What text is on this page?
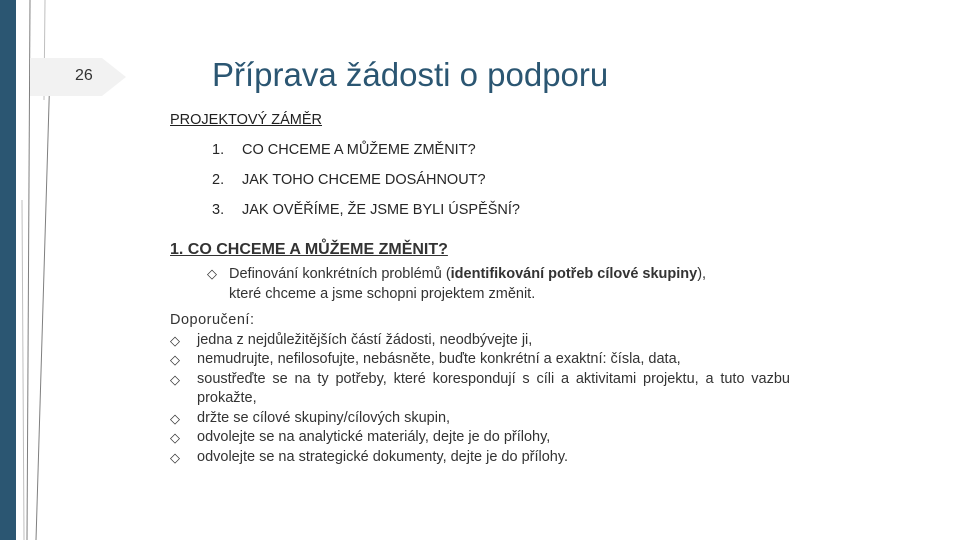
26	Příprava žádosti o podporu
PROJEKTOVÝ ZÁMĚR
1. CO CHCEME A MŮŽEME ZMĚNIT?
2. JAK TOHO CHCEME DOSÁHNOUT?
3. JAK OVĚŘÍME, ŽE JSME BYLI ÚSPĚŠNÍ?
1. CO CHCEME A MŮŽEME ZMĚNIT?
◇ Definování konkrétních problémů (identifikování potřeb cílové skupiny),
které chceme a jsme schopni projektem změnit.
Doporučení:
◇	jedna z nejdůležitějších částí žádosti, neodbývejte ji,
◇	nemudrujte, nefilosofujte, nebásněte, buďte konkrétní a exaktní: čísla, data,
◇	soustřeďte se na ty potřeby, které korespondují s cíli a aktivitami projektu, a tuto vazbu prokažte,
◇	držte se cílové skupiny/cílových skupin,
◇	odvolejte se na analytické materiály, dejte je do přílohy,
◇	odvolejte se na strategické dokumenty, dejte je do přílohy.
